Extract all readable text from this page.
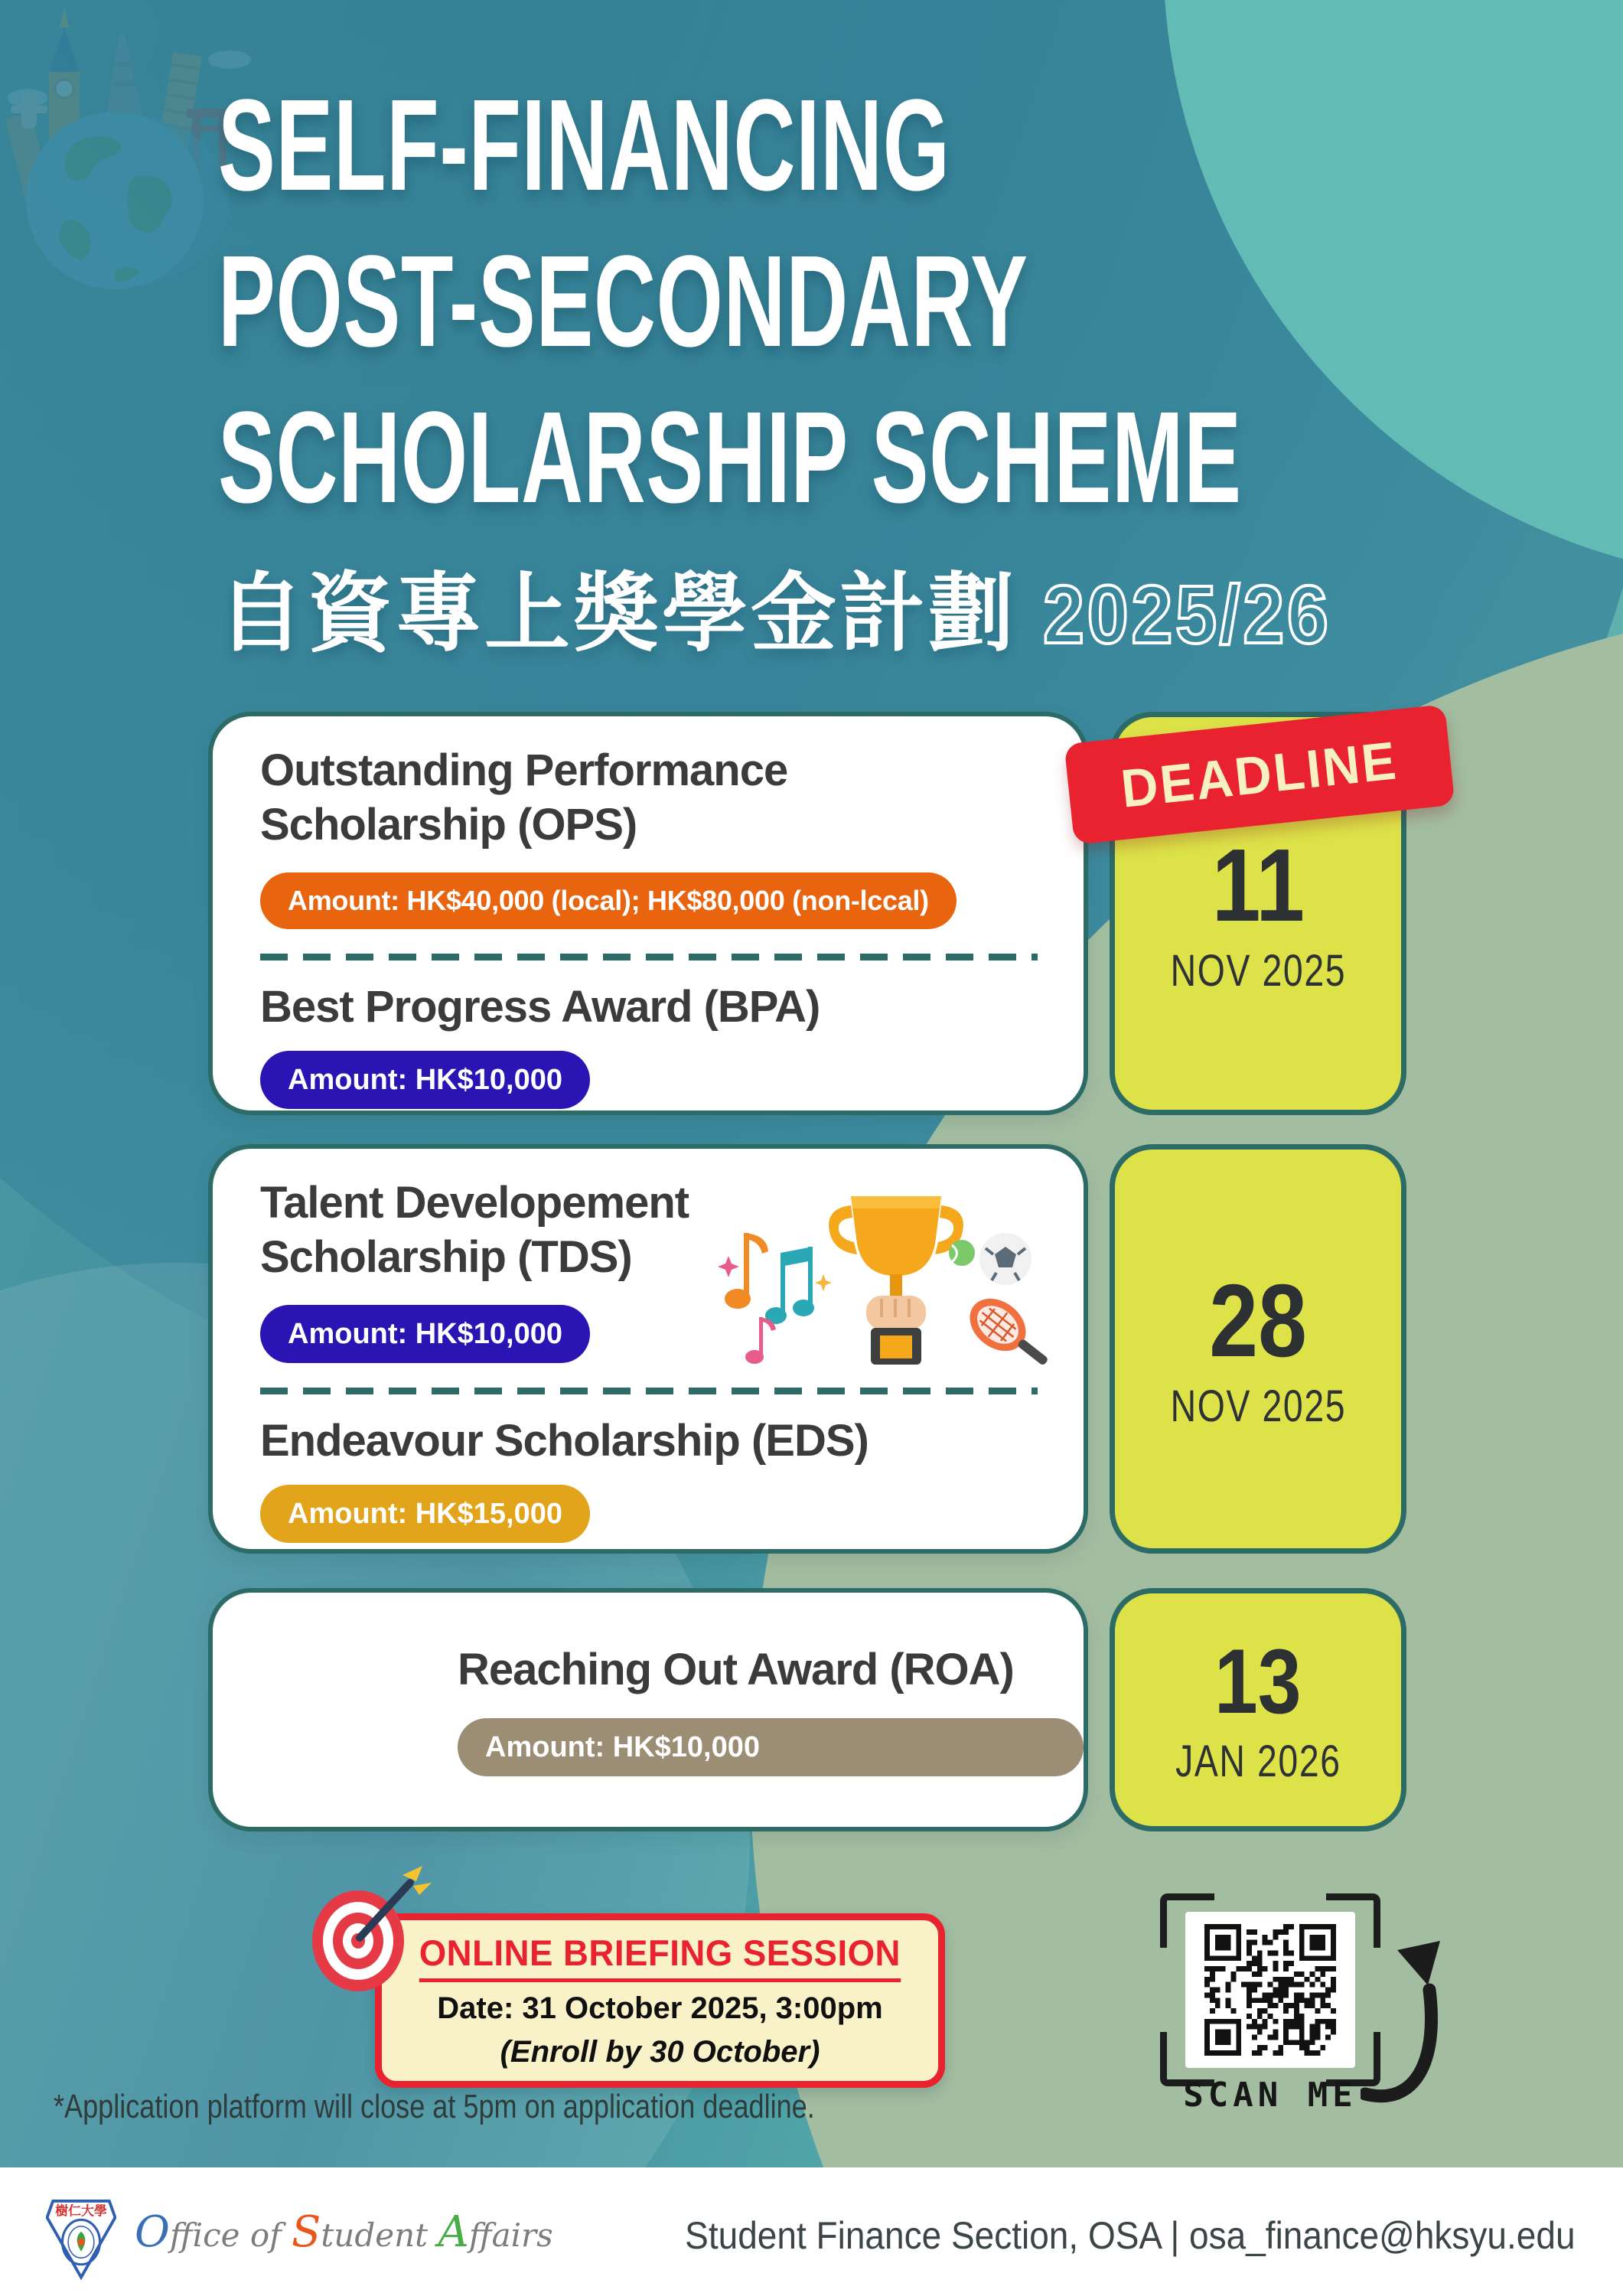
SELF-FINANCING
POST-SECONDARY
SCHOLARSHIP SCHEME
自資專上獎學金計劃 2025/26
DEADLINE
Outstanding Performance Scholarship (OPS)
Amount: HK$40,000 (local); HK$80,000 (non-lccal)
Best Progress Award (BPA)
Amount: HK$10,000
11
NOV 2025
Talent Developement Scholarship (TDS)
Amount: HK$10,000
Endeavour Scholarship (EDS)
Amount: HK$15,000
28
NOV 2025
Reaching Out Award (ROA)
Amount: HK$10,000
13
JAN 2026
ONLINE BRIEFING SESSION
Date: 31 October 2025, 3:00pm
(Enroll by 30 October)
SCAN ME
*Application platform will close at 5pm on application deadline.
樹仁大學 Office of Student Affairs	Student Finance Section, OSA | osa_finance@hksyu.edu
